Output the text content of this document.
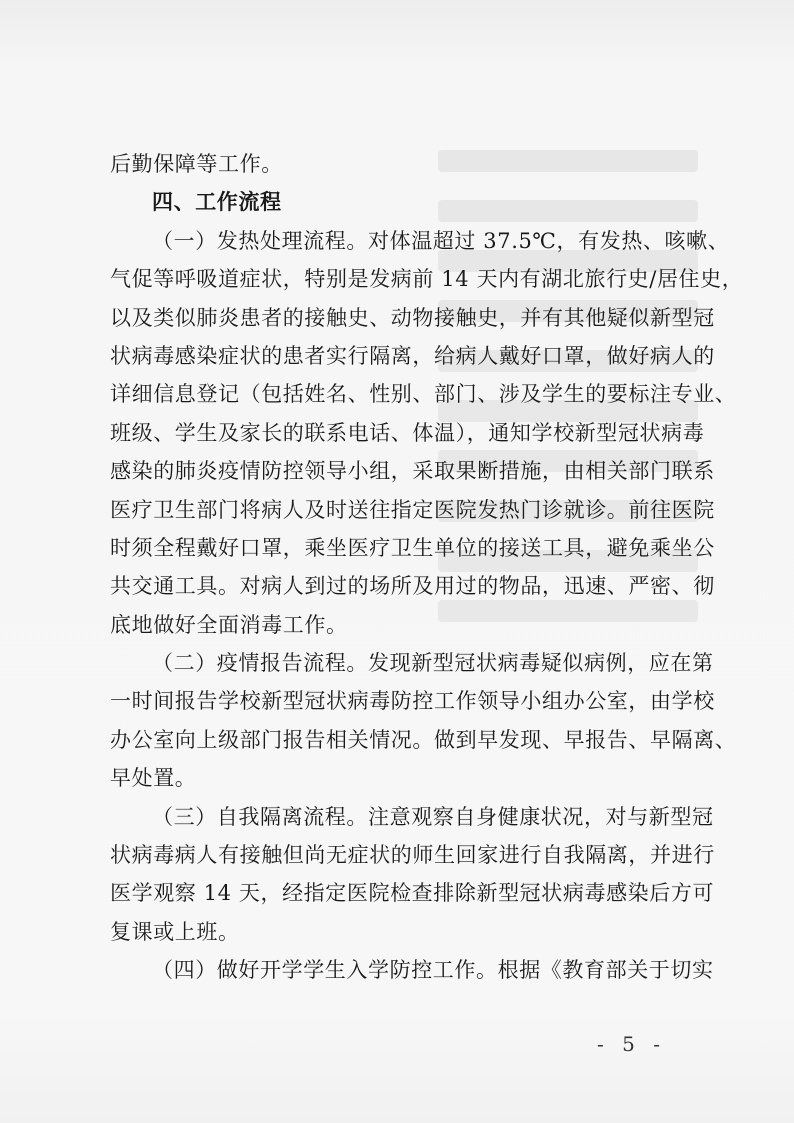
后勤保障等工作。
四、工作流程
（一）发热处理流程。对体温超过 37.5℃，有发热、咳嗽、
气促等呼吸道症状，特别是发病前 14 天内有湖北旅行史/居住史，
以及类似肺炎患者的接触史、动物接触史，并有其他疑似新型冠
状病毒感染症状的患者实行隔离，给病人戴好口罩，做好病人的
详细信息登记（包括姓名、性别、部门、涉及学生的要标注专业、
班级、学生及家长的联系电话、体温），通知学校新型冠状病毒
感染的肺炎疫情防控领导小组，采取果断措施，由相关部门联系
医疗卫生部门将病人及时送往指定医院发热门诊就诊。前往医院
时须全程戴好口罩，乘坐医疗卫生单位的接送工具，避免乘坐公
共交通工具。对病人到过的场所及用过的物品，迅速、严密、彻
底地做好全面消毒工作。
（二）疫情报告流程。发现新型冠状病毒疑似病例，应在第
一时间报告学校新型冠状病毒防控工作领导小组办公室，由学校
办公室向上级部门报告相关情况。做到早发现、早报告、早隔离、
早处置。
（三）自我隔离流程。注意观察自身健康状况，对与新型冠
状病毒病人有接触但尚无症状的师生回家进行自我隔离，并进行
医学观察 14 天，经指定医院检查排除新型冠状病毒感染后方可
复课或上班。
（四）做好开学学生入学防控工作。根据《教育部关于切实
- 5 -
